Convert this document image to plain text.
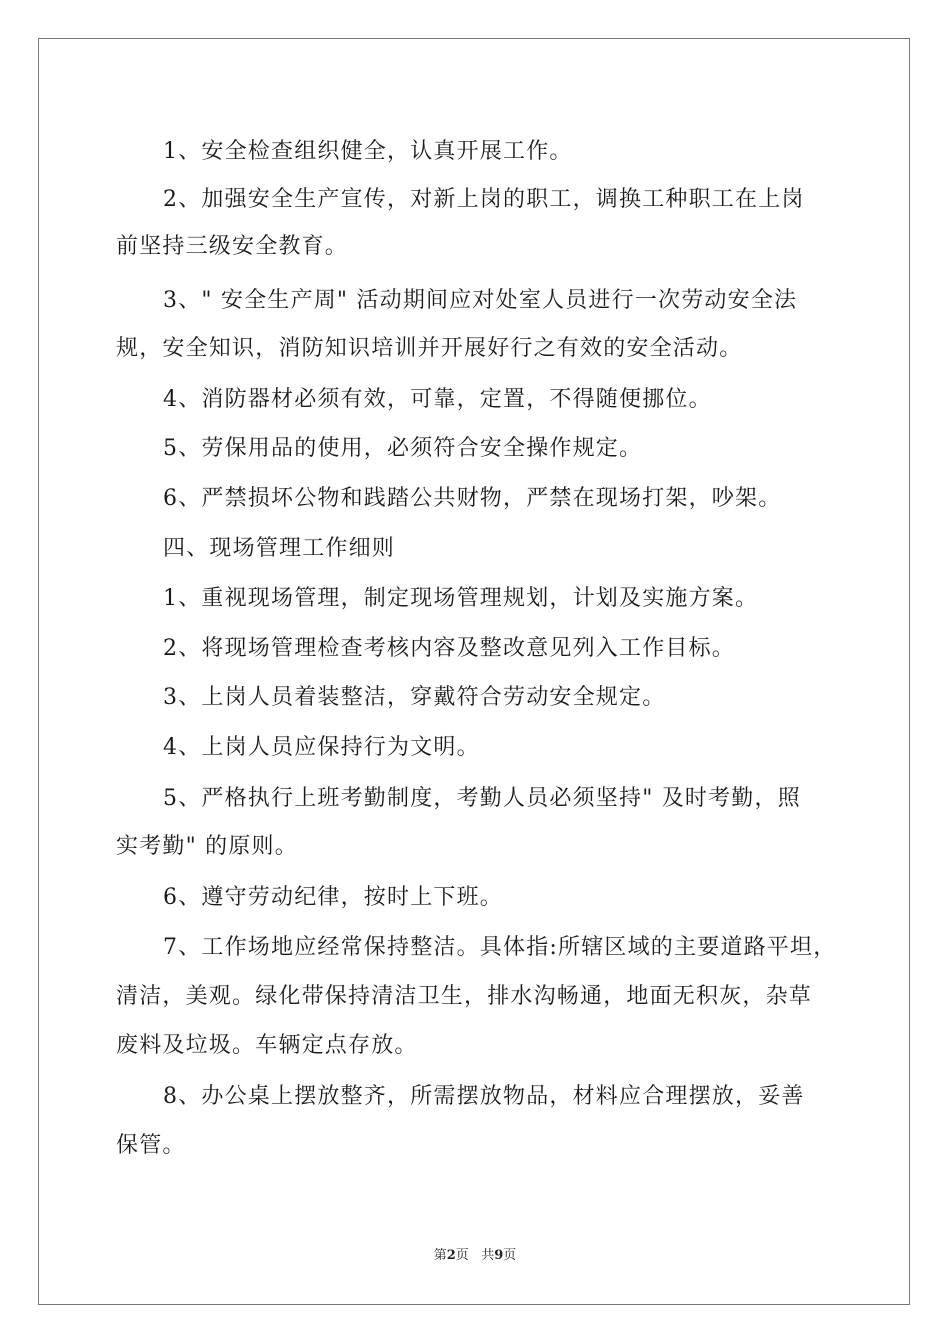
1、安全检查组织健全，认真开展工作。
2、加强安全生产宣传，对新上岗的职工，调换工种职工在上岗
前坚持三级安全教育。
3、" 安全生产周" 活动期间应对处室人员进行一次劳动安全法
规，安全知识，消防知识培训并开展好行之有效的安全活动。
4、消防器材必须有效，可靠，定置，不得随便挪位。
5、劳保用品的使用，必须符合安全操作规定。
6、严禁损坏公物和践踏公共财物，严禁在现场打架，吵架。
四、现场管理工作细则
1、重视现场管理，制定现场管理规划，计划及实施方案。
2、将现场管理检查考核内容及整改意见列入工作目标。
3、上岗人员着装整洁，穿戴符合劳动安全规定。
4、上岗人员应保持行为文明。
5、严格执行上班考勤制度，考勤人员必须坚持" 及时考勤，照
实考勤" 的原则。
6、遵守劳动纪律，按时上下班。
7、工作场地应经常保持整洁。具体指:所辖区域的主要道路平坦，
清洁，美观。绿化带保持清洁卫生，排水沟畅通，地面无积灰，杂草
废料及垃圾。车辆定点存放。
8、办公桌上摆放整齐，所需摆放物品，材料应合理摆放，妥善
保管。
第2页 共9页
